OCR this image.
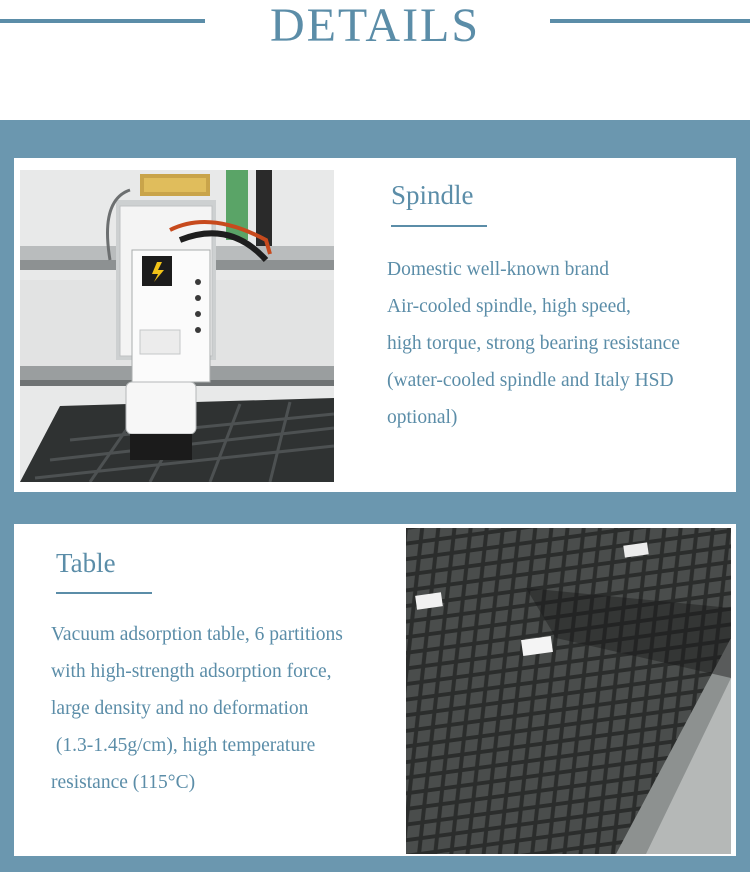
DETAILS
Spindle
Domestic well-known brand
Air-cooled spindle, high speed,
high torque, strong bearing resistance
(water-cooled spindle and Italy HSD
optional)
Table
Vacuum adsorption table, 6 partitions
with high-strength adsorption force,
large density and no deformation
(1.3-1.45g/cm), high temperature
resistance (115°C)
